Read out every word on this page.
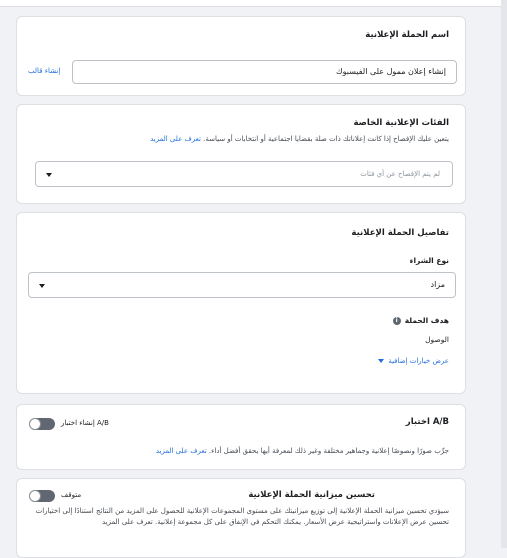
اسم الحملة الإعلانية
إنشاء إعلان ممول على الفيسبوك
إنشاء قالب
الفئات الإعلانية الخاصة
يتعين عليك الإفصاح إذا كانت إعلاناتك ذات صلة بقضايا اجتماعية أو انتخابات أو سياسة. تعرف على المزيد
لم يتم الإفصاح عن أي فئات
تفاصيل الحملة الإعلانية
نوع الشراء
مزاد
هدف الحملة
i
الوصول
عرض خيارات إضافية
اختبار A/B
إنشاء اختبار A/B
جرِّب صورًا ونصوصًا إعلانية وجماهير مختلفة وغير ذلك لمعرفة أيها يحقق أفضل أداء. تعرف على المزيد
تحسين ميزانية الحملة الإعلانية
متوقف
سيؤدي تحسين ميزانية الحملة الإعلانية إلى توزيع ميزانيتك على مستوى المجموعات الإعلانية للحصول على المزيد من النتائج استنادًا إلى اختيارات تحسين عرض الإعلانات واستراتيجية عرض الأسعار. يمكنك التحكم في الإنفاق على كل مجموعة إعلانية. تعرف على المزيد
